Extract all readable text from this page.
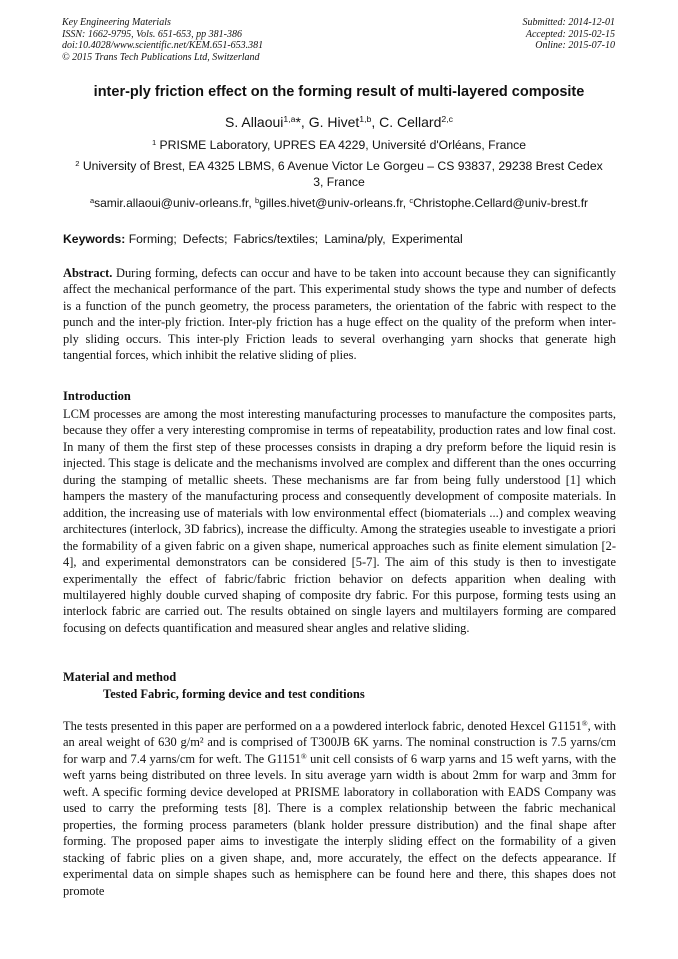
Key Engineering Materials
ISSN: 1662-9795, Vols. 651-653, pp 381-386
doi:10.4028/www.scientific.net/KEM.651-653.381
© 2015 Trans Tech Publications Ltd, Switzerland
Submitted: 2014-12-01
Accepted: 2015-02-15
Online: 2015-07-10
inter-ply friction effect on the forming result of multi-layered composite
S. Allaoui$^{1,a}$*, G. Hivet$^{1,b}$, C. Cellard$^{2,c}$
$^1$ PRISME Laboratory, UPRES EA 4229, Université d'Orléans, France
$^2$ University of Brest, EA 4325 LBMS, 6 Avenue Victor Le Gorgeu – CS 93837, 29238 Brest Cedex
3, France
$^a$samir.allaoui@univ-orleans.fr, $^b$gilles.hivet@univ-orleans.fr, $^c$Christophe.Cellard@univ-brest.fr
Keywords: Forming; Defects; Fabrics/textiles; Lamina/ply, Experimental

Abstract. During forming, defects can occur and have to be taken into account because they can significantly affect the mechanical performance of the part. This experimental study shows the type and number of defects is a function of the punch geometry, the process parameters, the orientation of the fabric with respect to the punch and the inter-ply friction. Inter-ply friction has a huge effect on the quality of the preform when inter-ply sliding occurs. This inter-ply Friction leads to several overhanging yarn shocks that generate high tangential forces, which inhibit the relative sliding of plies.

Introduction

LCM processes are among the most interesting manufacturing processes to manufacture the composites parts, because they offer a very interesting compromise in terms of repeatability, production rates and low final cost. In many of them the first step of these processes consists in draping a dry preform before the liquid resin is injected. This stage is delicate and the mechanisms involved are complex and different than the ones occurring during the stamping of metallic sheets. These mechanisms are far from being fully understood [1] which hampers the mastery of the manufacturing process and consequently development of composite materials. In addition, the increasing use of materials with low environmental effect (biomaterials ...) and complex weaving architectures (interlock, 3D fabrics), increase the difficulty. Among the strategies useable to investigate a priori the formability of a given fabric on a given shape, numerical approaches such as finite element simulation [2-4], and experimental demonstrators can be considered [5-7]. The aim of this study is then to investigate experimentally the effect of fabric/fabric friction behavior on defects apparition when dealing with multilayered highly double curved shaping of composite dry fabric. For this purpose, forming tests using an interlock fabric are carried out. The results obtained on single layers and multilayers forming are compared focusing on defects quantification and measured shear angles and relative sliding.

Material and method
Tested Fabric, forming device and test conditions

The tests presented in this paper are performed on a a powdered interlock fabric, denoted Hexcel G1151®, with an areal weight of 630 g/m² and is comprised of T300JB 6K yarns. The nominal construction is 7.5 yarns/cm for warp and 7.4 yarns/cm for weft. The G1151® unit cell consists of 6 warp yarns and 15 weft yarns, with the weft yarns being distributed on three levels. In situ average yarn width is about 2mm for warp and 3mm for weft. A specific forming device developed at PRISME laboratory in collaboration with EADS Company was used to carry the preforming tests [8]. There is a complex relationship between the fabric mechanical properties, the forming process parameters (blank holder pressure distribution) and the final shape after forming. The proposed paper aims to investigate the interply sliding effect on the formability of a given stacking of fabric plies on a given shape, and, more accurately, the effect on the defects appearance. If experimental data on simple shapes such as hemisphere can be found here and there, this shapes does not promote
